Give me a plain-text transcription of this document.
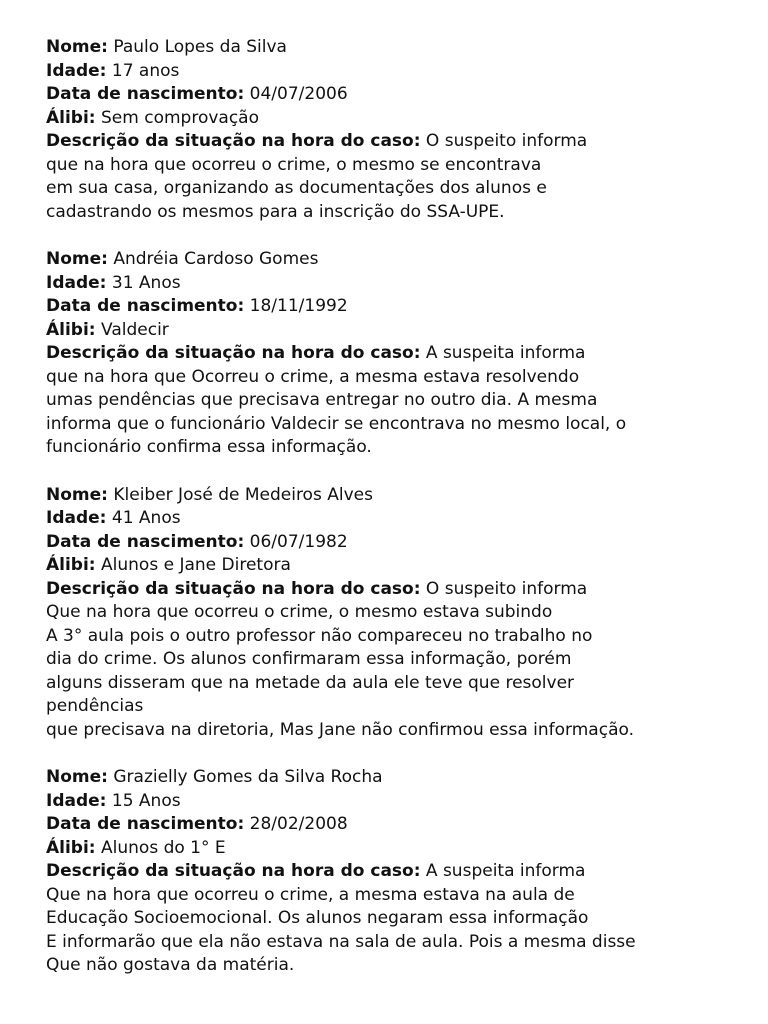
Nome: Paulo Lopes da Silva
Idade: 17 anos
Data de nascimento: 04/07/2006
Álibi: Sem comprovação
Descrição da situação na hora do caso: O suspeito informa
que na hora que ocorreu o crime, o mesmo se encontrava
em sua casa, organizando as documentações dos alunos e
cadastrando os mesmos para a inscrição do SSA-UPE.
Nome: Andréia Cardoso Gomes
Idade: 31 Anos
Data de nascimento: 18/11/1992
Álibi: Valdecir
Descrição da situação na hora do caso: A suspeita informa
que na hora que Ocorreu o crime, a mesma estava resolvendo
umas pendências que precisava entregar no outro dia. A mesma
informa que o funcionário Valdecir se encontrava no mesmo local, o
funcionário confirma essa informação.
Nome: Kleiber José de Medeiros Alves
Idade: 41 Anos
Data de nascimento: 06/07/1982
Álibi: Alunos e Jane Diretora
Descrição da situação na hora do caso: O suspeito informa
Que na hora que ocorreu o crime, o mesmo estava subindo
A 3° aula pois o outro professor não compareceu no trabalho no
dia do crime. Os alunos confirmaram essa informação, porém
alguns disseram que na metade da aula ele teve que resolver
pendências
que precisava na diretoria, Mas Jane não confirmou essa informação.
Nome: Grazielly Gomes da Silva Rocha
Idade: 15 Anos
Data de nascimento: 28/02/2008
Álibi: Alunos do 1° E
Descrição da situação na hora do caso: A suspeita informa
Que na hora que ocorreu o crime, a mesma estava na aula de
Educação Socioemocional. Os alunos negaram essa informação
E informarão que ela não estava na sala de aula. Pois a mesma disse
Que não gostava da matéria.
